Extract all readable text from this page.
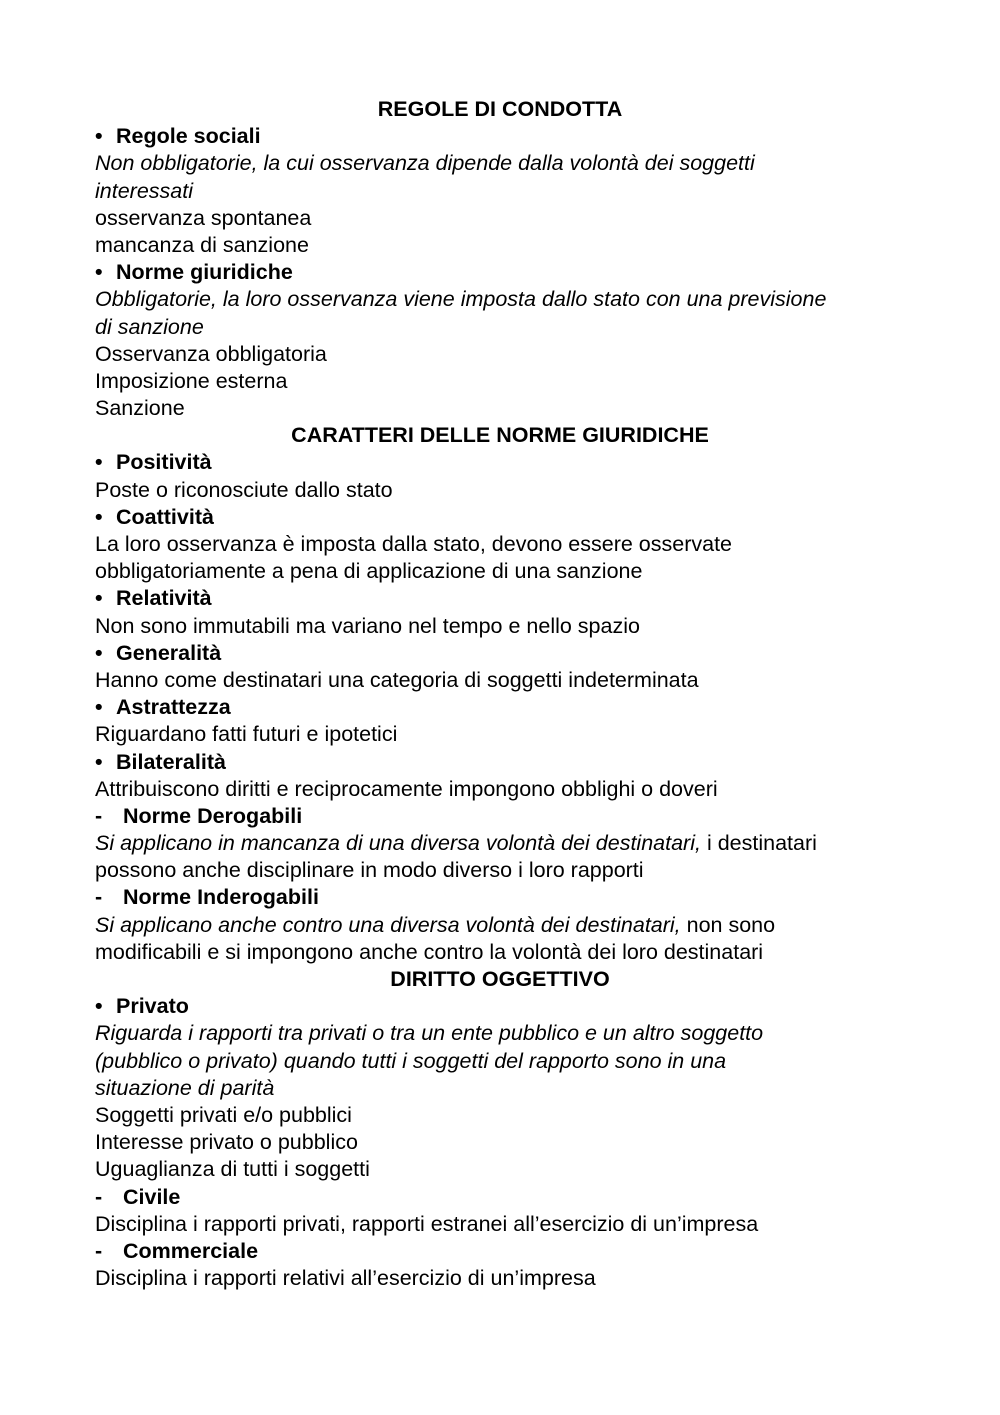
REGOLE DI CONDOTTA
• Regole sociali
Non obbligatorie, la cui osservanza dipende dalla volontà dei soggetti
interessati
osservanza spontanea
mancanza di sanzione
• Norme giuridiche
Obbligatorie, la loro osservanza viene imposta dallo stato con una previsione
di sanzione
Osservanza obbligatoria
Imposizione esterna
Sanzione
CARATTERI DELLE NORME GIURIDICHE
• Positività
Poste o riconosciute dallo stato
• Coattività
La loro osservanza è imposta dalla stato, devono essere osservate
obbligatoriamente a pena di applicazione di una sanzione
• Relatività
Non sono immutabili ma variano nel tempo e nello spazio
• Generalità
Hanno come destinatari una categoria di soggetti indeterminata
• Astrattezza
Riguardano fatti futuri e ipotetici
• Bilateralità
Attribuiscono diritti e reciprocamente impongono obblighi o doveri
- Norme Derogabili
Si applicano in mancanza di una diversa volontà dei destinatari, i destinatari
possono anche disciplinare in modo diverso i loro rapporti
- Norme Inderogabili
Si applicano anche contro una diversa volontà dei destinatari, non sono
modificabili e si impongono anche contro la volontà dei loro destinatari
DIRITTO OGGETTIVO
• Privato
Riguarda i rapporti tra privati o tra un ente pubblico e un altro soggetto
(pubblico o privato) quando tutti i soggetti del rapporto sono in una
situazione di parità
Soggetti privati e/o pubblici
Interesse privato o pubblico
Uguaglianza di tutti i soggetti
- Civile
Disciplina i rapporti privati, rapporti estranei all’esercizio di un’impresa
- Commerciale
Disciplina i rapporti relativi all’esercizio di un’impresa
